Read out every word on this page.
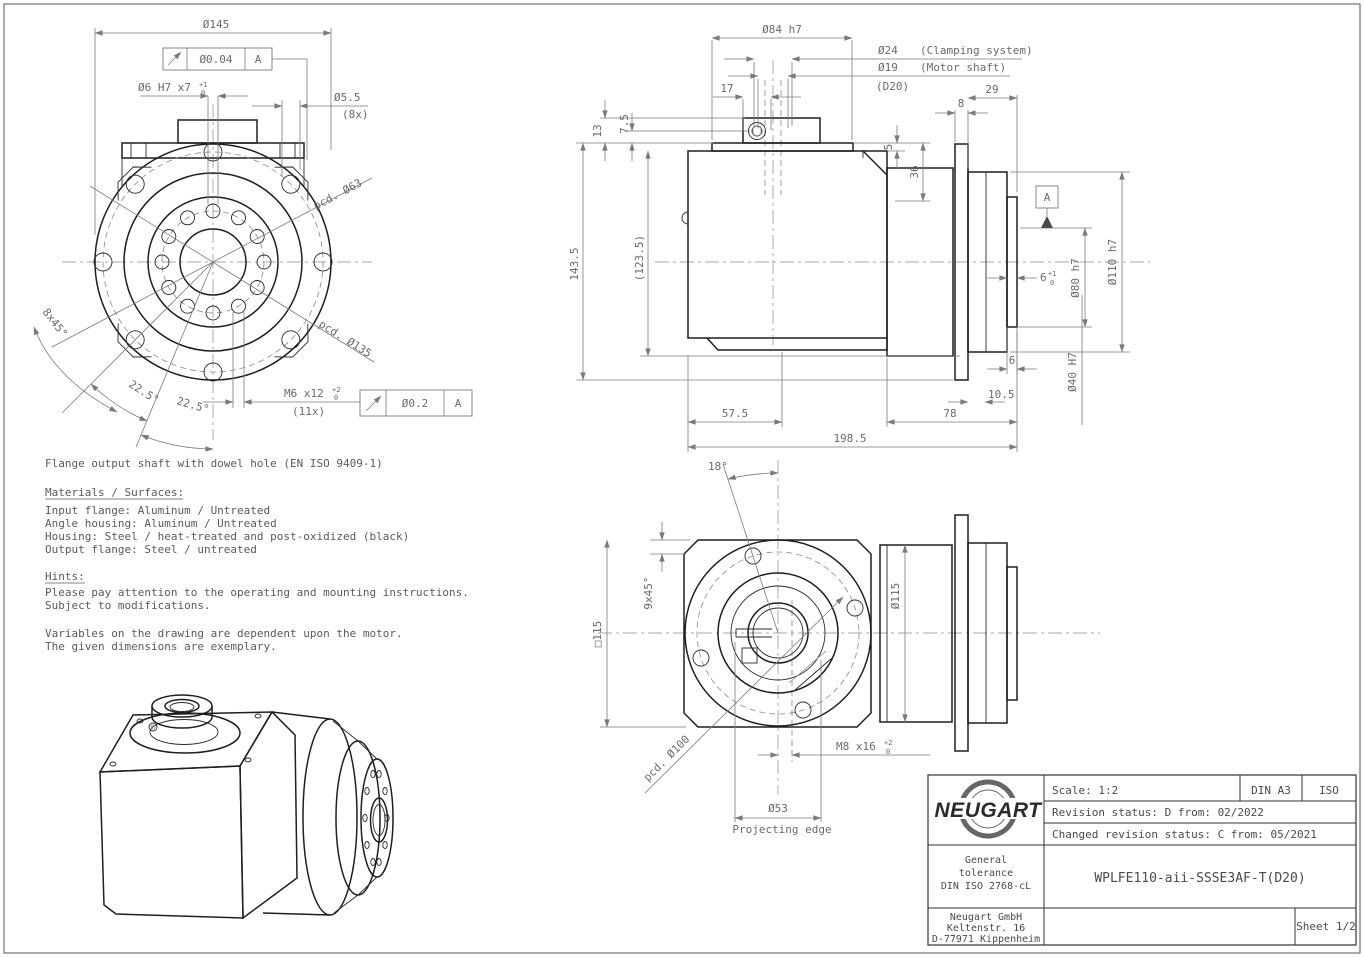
Ø145
Ø0.04 A
Ø6 H7 x7 +1
0	Ø5.5
(8x)
pcd. Ø63
pcd. Ø135
8x45°
22.5° 22.5°
M6 x12 +2
0
(11x)
Ø0.2 A
Ø84 h7
Ø24 (Clamping system)
Ø19 (Motor shaft)
(D20)
17
8
29
13 7.5
143.5	(123.5)
5
36
A
6 +1
0 Ø80 h7 Ø110 h7
6
10.5
Ø40 H7
57.5	78
198.5
18°
9x45°
□115
Ø115
pcd. Ø100	M8 x16 +2
0
Ø53
Projecting edge
Flange output shaft with dowel hole (EN ISO 9409-1)
Materials / Surfaces:
Input flange: Aluminum / Untreated
Angle housing: Aluminum / Untreated
Housing: Steel / heat-treated and post-oxidized (black)
Output flange: Steel / untreated
Hints:
Please pay attention to the operating and mounting instructions.
Subject to modifications.
Variables on the drawing are dependent upon the motor.
The given dimensions are exemplary.
NEUGART
Scale: 1:2	DIN A3	ISO
Revision status: D from: 02/2022
Changed revision status: C from: 05/2021
General
tolerance
DIN ISO 2768-cL
WPLFE110-aii-SSSE3AF-T(D20)
Neugart GmbH
Keltenstr. 16
D-77971 Kippenheim
Sheet 1/2
